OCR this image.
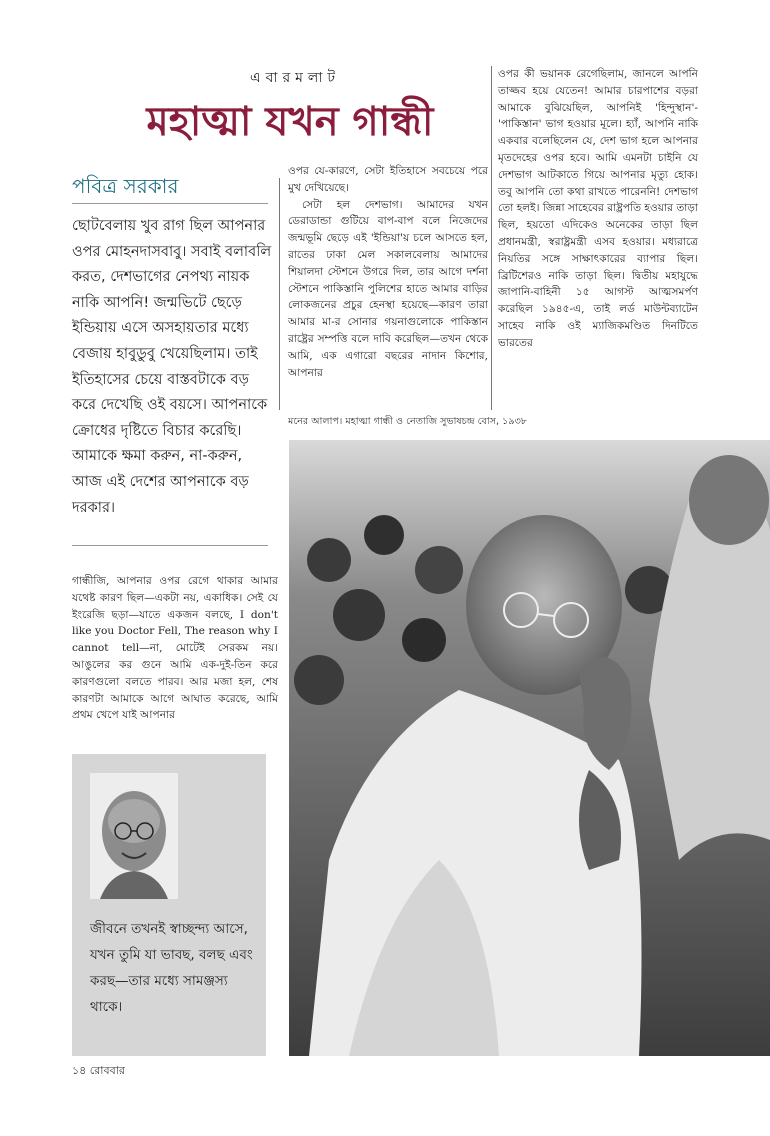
এবারমলাট
মহাত্মা যখন গান্ধী
পবিত্র সরকার
ছোটবেলায় খুব রাগ ছিল আপনার ওপর মোহনদাসবাবু। সবাই বলাবলি করত, দেশভাগের নেপথ্য নায়ক নাকি আপনি! জন্মভিটে ছেড়ে ইন্ডিয়ায় এসে অসহায়তার মধ্যে বেজায় হাবুডুবু খেয়েছিলাম। তাই ইতিহাসের চেয়ে বাস্তবটাকে বড় করে দেখেছি ওই বয়সে। আপনাকে ক্রোধের দৃষ্টিতে বিচার করেছি। আমাকে ক্ষমা করুন, না-করুন, আজ এই দেশের আপনাকে বড় দরকার।

গান্ধীজি, আপনার ওপর রেগে থাকার আমার যথেষ্ট কারণ ছিল—একটা নয়, একাধিক। সেই যে ইংরেজি ছড়া—যাতে একজন বলছে, I don't like you Doctor Fell, The reason why I cannot tell—না, মোটেই সেরকম নয়। আঙুলের কর গুনে আমি এক-দুই-তিন করে কারণগুলো বলতে পারব। আর মজা হল, শেষ কারণটা আমাকে আগে আঘাত করেছে, আমি প্রথম খেপে যাই আপনার

ওপর যে-কারণে, সেটা ইতিহাসে সবচেয়ে পরে মুখ দেখিয়েছে।

সেটা হল দেশভাগ। আমাদের যখন ডেরাডান্ডা গুটিয়ে বাপ-বাপ বলে নিজেদের জন্মভূমি ছেড়ে এই 'ইন্ডিয়া'য় চলে আসতে হল, রাতের ঢাকা মেল সকালবেলায় আমাদের শিয়ালদা স্টেশনে উগরে দিল, তার আগে দর্শনা স্টেশনে পাকিস্তানি পুলিশের হাতে আমার বাড়ির লোকজনের প্রচুর হেনস্থা হয়েছে—কারণ তারা আমার মা-র সোনার গয়নাগুলোকে পাকিস্তান রাষ্ট্রের সম্পত্তি বলে দাবি করেছিল—তখন থেকে আমি, এক এগারো বছরের নাদান কিশোর, আপনার

ওপর কী ভয়ানক রেগেছিলাম, জানলে আপনি তাজ্জব হয়ে যেতেন! আমার চারপাশের বড়রা আমাকে বুঝিয়েছিল, আপনিই 'হিন্দুস্থান'-'পাকিস্তান' ভাগ হওয়ার মূলে। হ্যাঁ, আপনি নাকি একবার বলেছিলেন যে, দেশ ভাগ হলে আপনার মৃতদেহের ওপর হবে। আমি এমনটা চাইনি যে দেশভাগ আটকাতে গিয়ে আপনার মৃত্যু হোক। তবু আপনি তো কথা রাখতে পারেননি! দেশভাগ তো হলই। জিন্না সাহেবের রাষ্ট্রপতি হওয়ার তাড়া ছিল, হয়তো এদিকেও অনেকের তাড়া ছিল প্রধানমন্ত্রী, স্বরাষ্ট্রমন্ত্রী এসব হওয়ার। মধ্যরাত্রে নিয়তির সঙ্গে সাক্ষাৎকারের ব্যাপার ছিল। ব্রিটিশেরও নাকি তাড়া ছিল। দ্বিতীয় মহাযুদ্ধে জাপানি-বাহিনী ১৫ আগস্ট আত্মসমর্পণ করেছিল ১৯৪৫-এ, তাই লর্ড মাউন্টব্যাটেন সাহেব নাকি ওই ম্যাজিকমণ্ডিত দিনটিতে ভারতের

মনের আলাপ। মহাত্মা গান্ধী ও নেতাজি সুভাষচন্দ্র বোস, ১৯৩৮
জীবনে তখনই স্বাচ্ছন্দ্য আসে, যখন তুমি যা ভাবছ, বলছ এবং করছ—তার মধ্যে সামঞ্জস্য থাকে।
১৪ রোববার
